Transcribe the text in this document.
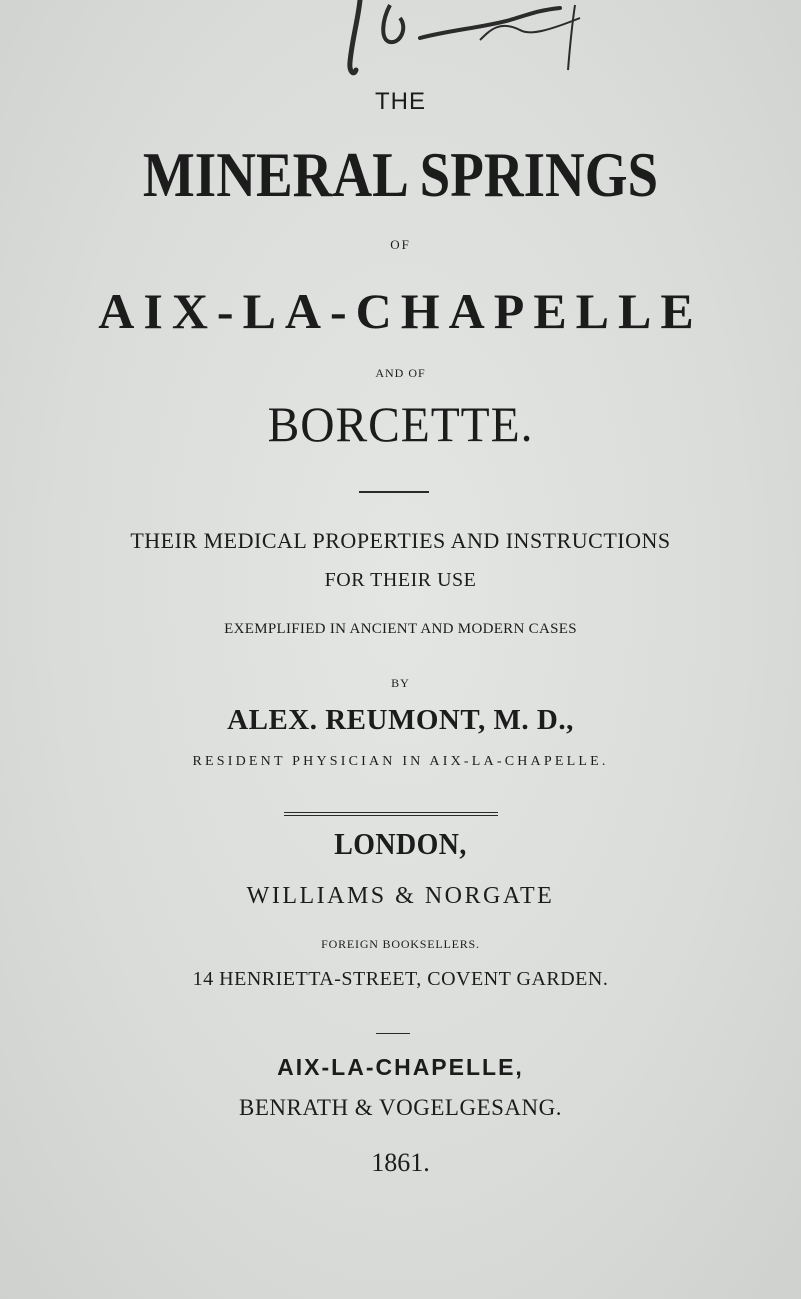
THE
MINERAL SPRINGS
OF
AIX-LA-CHAPELLE
AND OF
BORCETTE.
THEIR MEDICAL PROPERTIES AND INSTRUCTIONS
FOR THEIR USE
EXEMPLIFIED IN ANCIENT AND MODERN CASES
BY
ALEX. REUMONT, M. D.,
RESIDENT PHYSICIAN IN AIX-LA-CHAPELLE.
LONDON,
WILLIAMS & NORGATE
FOREIGN BOOKSELLERS.
14 HENRIETTA-STREET, COVENT GARDEN.
AIX-LA-CHAPELLE,
BENRATH & VOGELGESANG.
1861.
